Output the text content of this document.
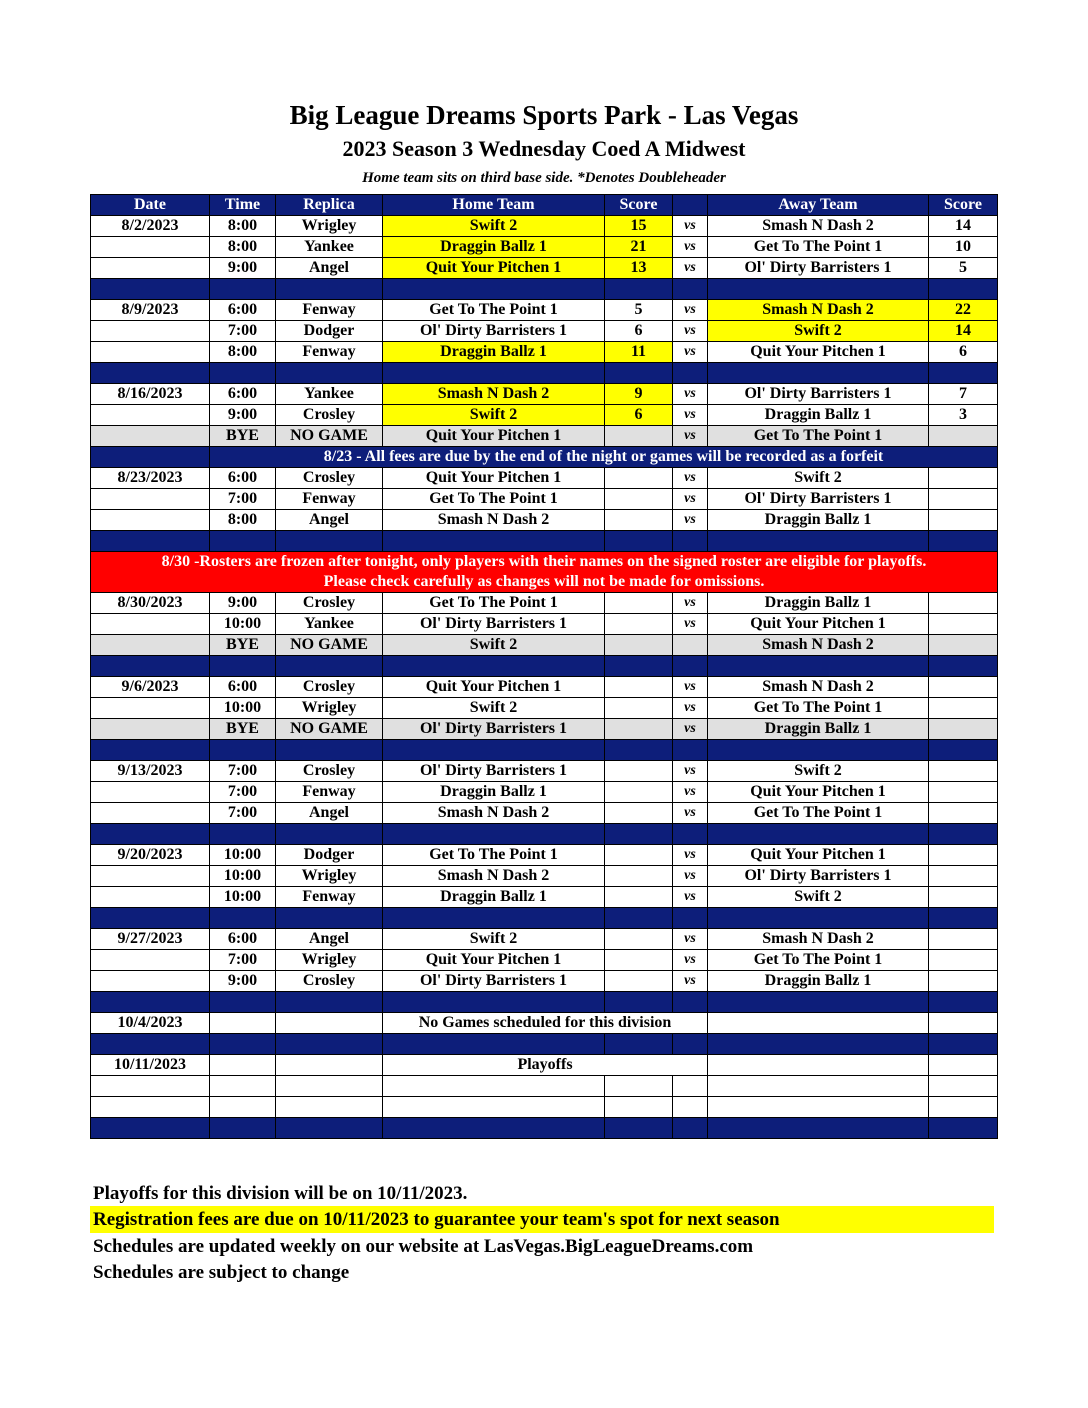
Big League Dreams Sports Park - Las Vegas
2023 Season 3 Wednesday Coed A Midwest
Home team sits on third base side. *Denotes Doubleheader
Date	Time	Replica	Home Team	Score		Away Team	Score
8/2/2023	8:00	Wrigley	Swift 2	15	vs	Smash N Dash 2	14
	8:00	Yankee	Draggin Ballz 1	21	vs	Get To The Point 1	10
	9:00	Angel	Quit Your Pitchen 1	13	vs	Ol' Dirty Barristers 1	5

8/9/2023	6:00	Fenway	Get To The Point 1	5	vs	Smash N Dash 2	22
	7:00	Dodger	Ol' Dirty Barristers 1	6	vs	Swift 2	14
	8:00	Fenway	Draggin Ballz 1	11	vs	Quit Your Pitchen 1	6

8/16/2023	6:00	Yankee	Smash N Dash 2	9	vs	Ol' Dirty Barristers 1	7
	9:00	Crosley	Swift 2	6	vs	Draggin Ballz 1	3
	BYE	NO GAME	Quit Your Pitchen 1		vs	Get To The Point 1	
	8/23 - All fees are due by the end of the night or games will be recorded as a forfeit						
8/23/2023	6:00	Crosley	Quit Your Pitchen 1		vs	Swift 2	
	7:00	Fenway	Get To The Point 1		vs	Ol' Dirty Barristers 1	
	8:00	Angel	Smash N Dash 2		vs	Draggin Ballz 1	

8/30 -Rosters are frozen after tonight, only players with their names on the signed roster are eligible for playoffs.
Please check carefully as changes will not be made for omissions.							

8/30/2023	9:00	Crosley	Get To The Point 1		vs	Draggin Ballz 1	
	10:00	Yankee	Ol' Dirty Barristers 1		vs	Quit Your Pitchen 1	
	BYE	NO GAME	Swift 2			Smash N Dash 2	

9/6/2023	6:00	Crosley	Quit Your Pitchen 1		vs	Smash N Dash 2	
	10:00	Wrigley	Swift 2		vs	Get To The Point 1	
	BYE	NO GAME	Ol' Dirty Barristers 1		vs	Draggin Ballz 1	

9/13/2023	7:00	Crosley	Ol' Dirty Barristers 1		vs	Swift 2	
	7:00	Fenway	Draggin Ballz 1		vs	Quit Your Pitchen 1	
	7:00	Angel	Smash N Dash 2		vs	Get To The Point 1	

9/20/2023	10:00	Dodger	Get To The Point 1		vs	Quit Your Pitchen 1	
	10:00	Wrigley	Smash N Dash 2		vs	Ol' Dirty Barristers 1	
	10:00	Fenway	Draggin Ballz 1		vs	Swift 2	

9/27/2023	6:00	Angel	Swift 2		vs	Smash N Dash 2	
	7:00	Wrigley	Quit Your Pitchen 1		vs	Get To The Point 1	
	9:00	Crosley	Ol' Dirty Barristers 1		vs	Draggin Ballz 1	

10/4/2023			No Games scheduled for this division				

10/11/2023			Playoffs				

Playoffs for this division will be on 10/11/2023.
Registration fees are due on 10/11/2023 to guarantee your team's spot for next season
Schedules are updated weekly on our website at LasVegas.BigLeagueDreams.com
Schedules are subject to change
